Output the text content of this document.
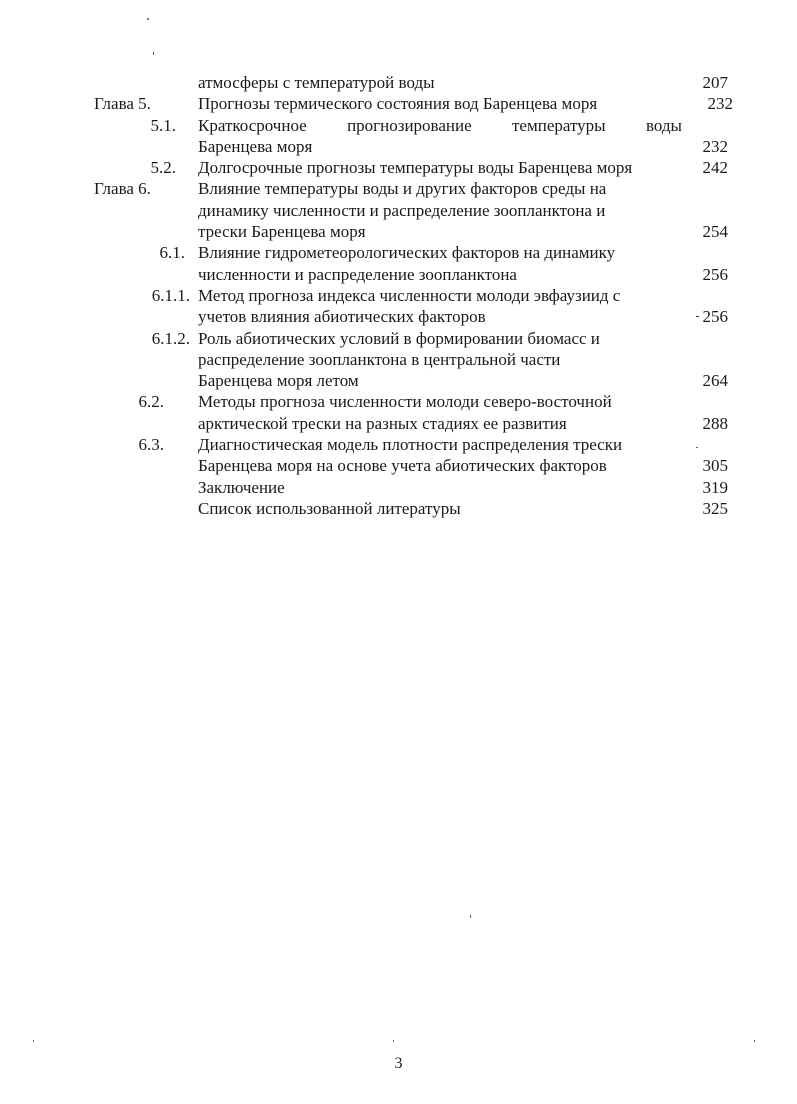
атмосферы с температурой воды	207
Глава 5.	Прогнозы термического состояния вод Баренцева моря	232
5.1. Краткосрочное прогнозирование температуры воды
Баренцева моря	232
5.2. Долгосрочные прогнозы температуры воды Баренцева моря	242
Глава 6.	Влияние температуры воды и других факторов среды на
динамику численности и распределение зоопланктона и
трески Баренцева моря	254
6.1. Влияние гидрометеорологических факторов на динамику
численности и распределение зоопланктона	256
6.1.1. Метод прогноза индекса численности молоди эвфаузиид с
учетов влияния абиотических факторов	256
6.1.2. Роль абиотических условий в формировании биомасс и
распределение зоопланктона в центральной части
Баренцева моря летом	264
6.2. Методы прогноза численности молоди северо-восточной
арктической трески на разных стадиях ее развития	288
6.3. Диагностическая модель плотности распределения трески
Баренцева моря на основе учета абиотических факторов	305
Заключение	319
Список использованной литературы	325
3
